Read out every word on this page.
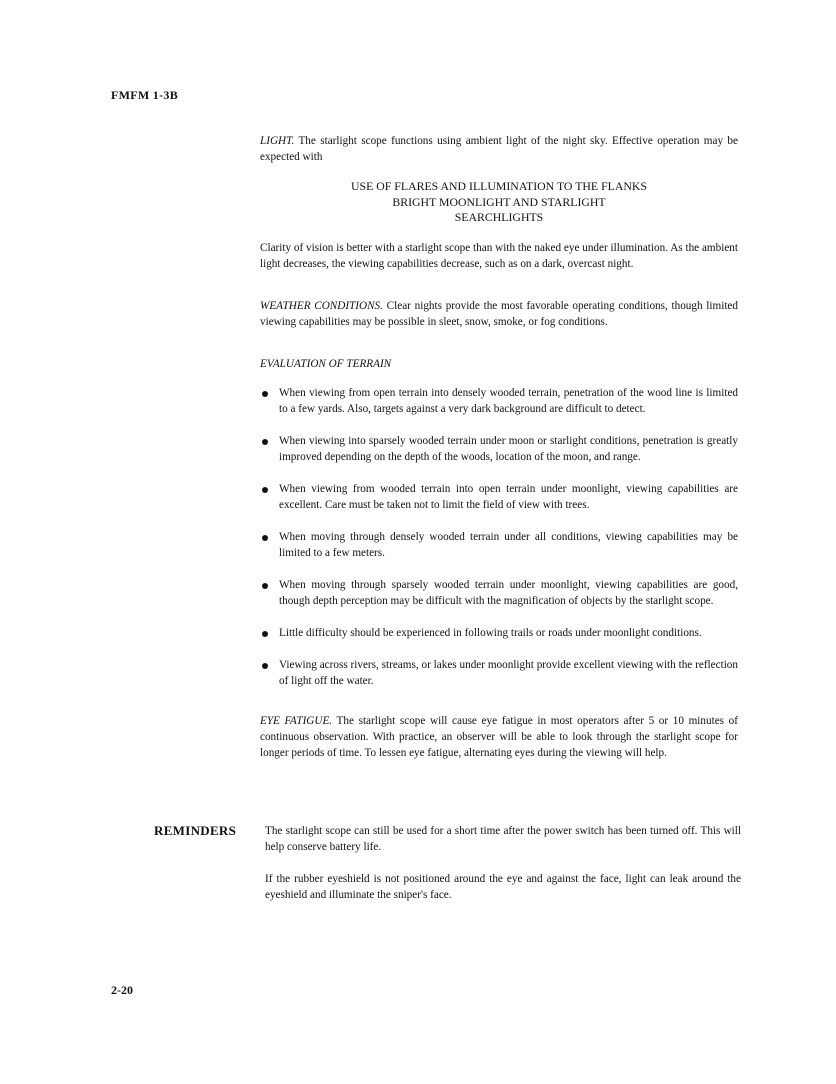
FMFM 1-3B

LIGHT. The starlight scope functions using ambient light of the night sky. Effective operation may be expected with

USE OF FLARES AND ILLUMINATION TO THE FLANKS
BRIGHT MOONLIGHT AND STARLIGHT
SEARCHLIGHTS

Clarity of vision is better with a starlight scope than with the naked eye under illumination. As the ambient light decreases, the viewing capabilities decrease, such as on a dark, overcast night.

WEATHER CONDITIONS. Clear nights provide the most favorable operating conditions, though limited viewing capabilities may be possible in sleet, snow, smoke, or fog conditions.

EVALUATION OF TERRAIN

When viewing from open terrain into densely wooded terrain, penetration of the wood line is limited to a few yards. Also, targets against a very dark background are difficult to detect.
When viewing into sparsely wooded terrain under moon or starlight conditions, penetration is greatly improved depending on the depth of the woods, location of the moon, and range.
When viewing from wooded terrain into open terrain under moonlight, viewing capabilities are excellent. Care must be taken not to limit the field of view with trees.
When moving through densely wooded terrain under all conditions, viewing capabilities may be limited to a few meters.
When moving through sparsely wooded terrain under moonlight, viewing capabilities are good, though depth perception may be difficult with the magnification of objects by the starlight scope.
Little difficulty should be experienced in following trails or roads under moonlight conditions.
Viewing across rivers, streams, or lakes under moonlight provide excellent viewing with the reflection of light off the water.

EYE FATIGUE. The starlight scope will cause eye fatigue in most operators after 5 or 10 minutes of continuous observation. With practice, an observer will be able to look through the starlight scope for longer periods of time. To lessen eye fatigue, alternating eyes during the viewing will help.

REMINDERS	The starlight scope can still be used for a short time after the power switch has been turned off. This will help conserve battery life.

If the rubber eyeshield is not positioned around the eye and against the face, light can leak around the eyeshield and illuminate the sniper's face.

2-20
